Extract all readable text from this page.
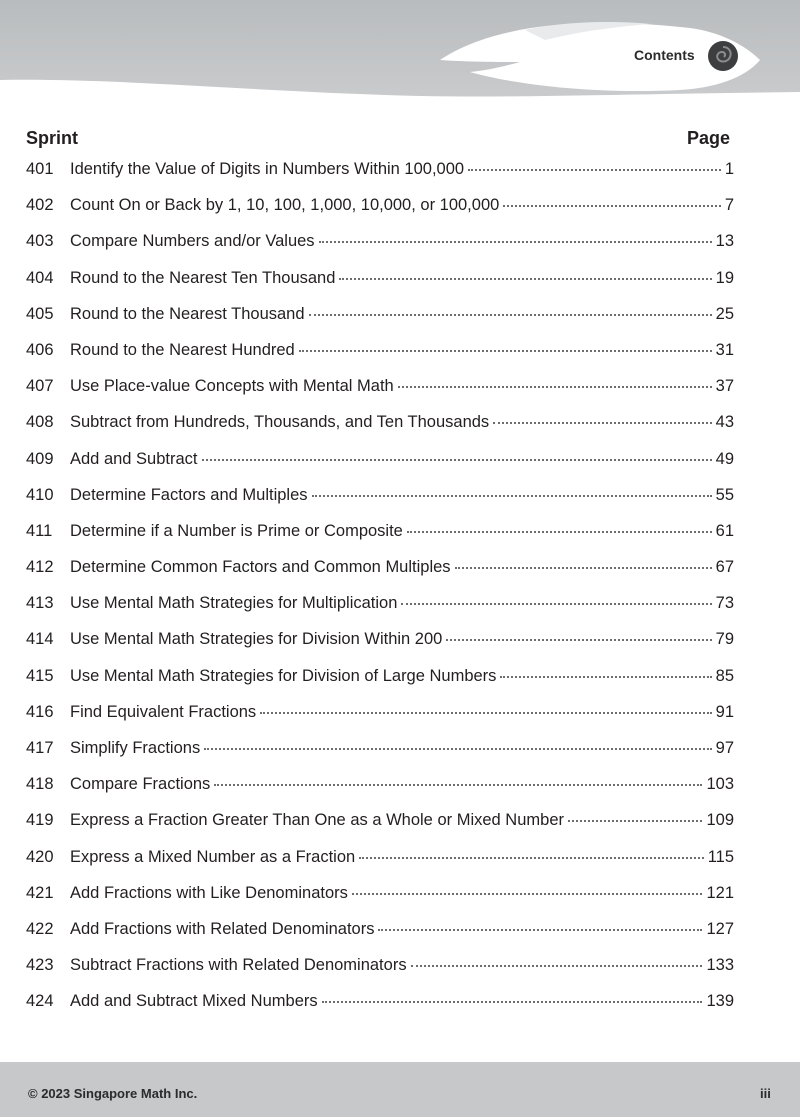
Contents
Sprint	Page
401 Identify the Value of Digits in Numbers Within 100,000	1
402 Count On or Back by 1, 10, 100, 1,000, 10,000, or 100,000	7
403 Compare Numbers and/or Values	13
404 Round to the Nearest Ten Thousand	19
405 Round to the Nearest Thousand	25
406 Round to the Nearest Hundred	31
407 Use Place-value Concepts with Mental Math	37
408 Subtract from Hundreds, Thousands, and Ten Thousands	43
409 Add and Subtract	49
410 Determine Factors and Multiples	55
411	Determine if a Number is Prime or Composite	61
412 Determine Common Factors and Common Multiples	67
413 Use Mental Math Strategies for Multiplication	73
414 Use Mental Math Strategies for Division Within 200	79
415 Use Mental Math Strategies for Division of Large Numbers	85
416 Find Equivalent Fractions	91
417 Simplify Fractions	97
418 Compare Fractions	103
419 Express a Fraction Greater Than One as a Whole or Mixed Number	109
420 Express a Mixed Number as a Fraction	115
421 Add Fractions with Like Denominators	121
422 Add Fractions with Related Denominators	127
423 Subtract Fractions with Related Denominators	133
424 Add and Subtract Mixed Numbers	139
© 2023 Singapore Math Inc.	iii
